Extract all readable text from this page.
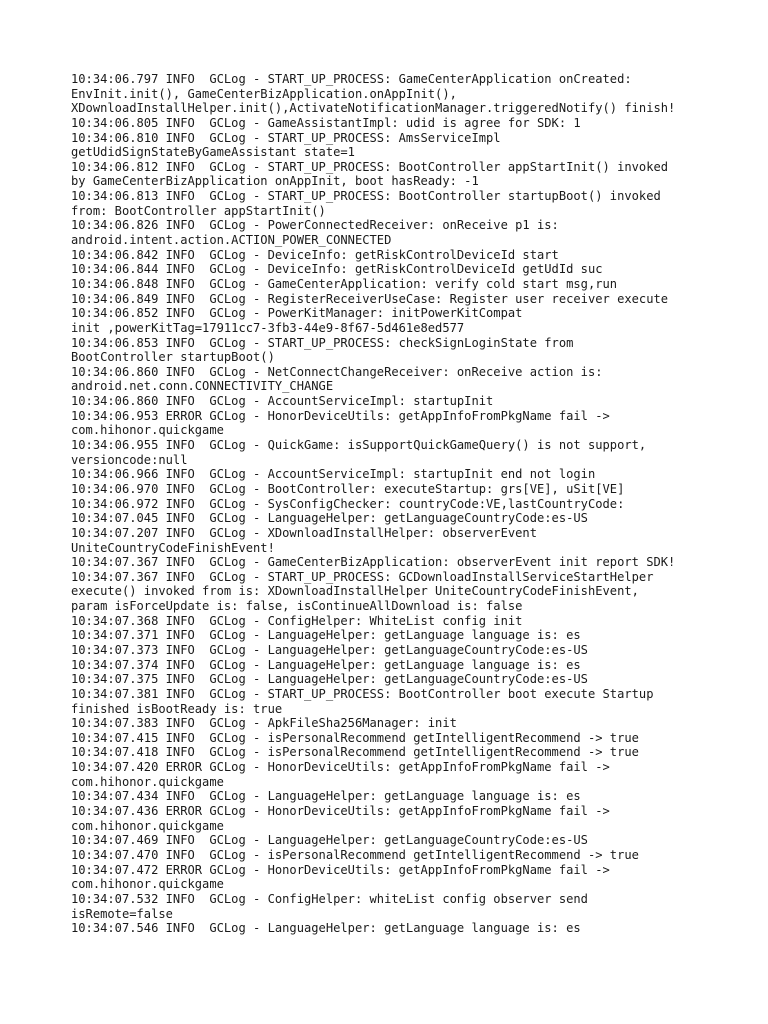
10:34:06.797 INFO  GCLog - START_UP_PROCESS: GameCenterApplication onCreated:
EnvInit.init(), GameCenterBizApplication.onAppInit(),
XDownloadInstallHelper.init(),ActivateNotificationManager.triggeredNotify() finish!
10:34:06.805 INFO  GCLog - GameAssistantImpl: udid is agree for SDK: 1
10:34:06.810 INFO  GCLog - START_UP_PROCESS: AmsServiceImpl
getUdidSignStateByGameAssistant state=1
10:34:06.812 INFO  GCLog - START_UP_PROCESS: BootController appStartInit() invoked
by GameCenterBizApplication onAppInit, boot hasReady: -1
10:34:06.813 INFO  GCLog - START_UP_PROCESS: BootController startupBoot() invoked
from: BootController appStartInit()
10:34:06.826 INFO  GCLog - PowerConnectedReceiver: onReceive p1 is:
android.intent.action.ACTION_POWER_CONNECTED
10:34:06.842 INFO  GCLog - DeviceInfo: getRiskControlDeviceId start
10:34:06.844 INFO  GCLog - DeviceInfo: getRiskControlDeviceId getUdId suc
10:34:06.848 INFO  GCLog - GameCenterApplication: verify cold start msg,run
10:34:06.849 INFO  GCLog - RegisterReceiverUseCase: Register user receiver execute
10:34:06.852 INFO  GCLog - PowerKitManager: initPowerKitCompat
init ,powerKitTag=17911cc7-3fb3-44e9-8f67-5d461e8ed577
10:34:06.853 INFO  GCLog - START_UP_PROCESS: checkSignLoginState from
BootController startupBoot()
10:34:06.860 INFO  GCLog - NetConnectChangeReceiver: onReceive action is:
android.net.conn.CONNECTIVITY_CHANGE
10:34:06.860 INFO  GCLog - AccountServiceImpl: startupInit
10:34:06.953 ERROR GCLog - HonorDeviceUtils: getAppInfoFromPkgName fail ->
com.hihonor.quickgame
10:34:06.955 INFO  GCLog - QuickGame: isSupportQuickGameQuery() is not support,
versioncode:null
10:34:06.966 INFO  GCLog - AccountServiceImpl: startupInit end not login
10:34:06.970 INFO  GCLog - BootController: executeStartup: grs[VE], uSit[VE]
10:34:06.972 INFO  GCLog - SysConfigChecker: countryCode:VE,lastCountryCode:
10:34:07.045 INFO  GCLog - LanguageHelper: getLanguageCountryCode:es-US
10:34:07.207 INFO  GCLog - XDownloadInstallHelper: observerEvent
UniteCountryCodeFinishEvent!
10:34:07.367 INFO  GCLog - GameCenterBizApplication: observerEvent init report SDK!
10:34:07.367 INFO  GCLog - START_UP_PROCESS: GCDownloadInstallServiceStartHelper
execute() invoked from is: XDownloadInstallHelper UniteCountryCodeFinishEvent,
param isForceUpdate is: false, isContinueAllDownload is: false
10:34:07.368 INFO  GCLog - ConfigHelper: WhiteList config init
10:34:07.371 INFO  GCLog - LanguageHelper: getLanguage language is: es
10:34:07.373 INFO  GCLog - LanguageHelper: getLanguageCountryCode:es-US
10:34:07.374 INFO  GCLog - LanguageHelper: getLanguage language is: es
10:34:07.375 INFO  GCLog - LanguageHelper: getLanguageCountryCode:es-US
10:34:07.381 INFO  GCLog - START_UP_PROCESS: BootController boot execute Startup
finished isBootReady is: true
10:34:07.383 INFO  GCLog - ApkFileSha256Manager: init
10:34:07.415 INFO  GCLog - isPersonalRecommend getIntelligentRecommend -> true
10:34:07.418 INFO  GCLog - isPersonalRecommend getIntelligentRecommend -> true
10:34:07.420 ERROR GCLog - HonorDeviceUtils: getAppInfoFromPkgName fail ->
com.hihonor.quickgame
10:34:07.434 INFO  GCLog - LanguageHelper: getLanguage language is: es
10:34:07.436 ERROR GCLog - HonorDeviceUtils: getAppInfoFromPkgName fail ->
com.hihonor.quickgame
10:34:07.469 INFO  GCLog - LanguageHelper: getLanguageCountryCode:es-US
10:34:07.470 INFO  GCLog - isPersonalRecommend getIntelligentRecommend -> true
10:34:07.472 ERROR GCLog - HonorDeviceUtils: getAppInfoFromPkgName fail ->
com.hihonor.quickgame
10:34:07.532 INFO  GCLog - ConfigHelper: whiteList config observer send
isRemote=false
10:34:07.546 INFO  GCLog - LanguageHelper: getLanguage language is: es
